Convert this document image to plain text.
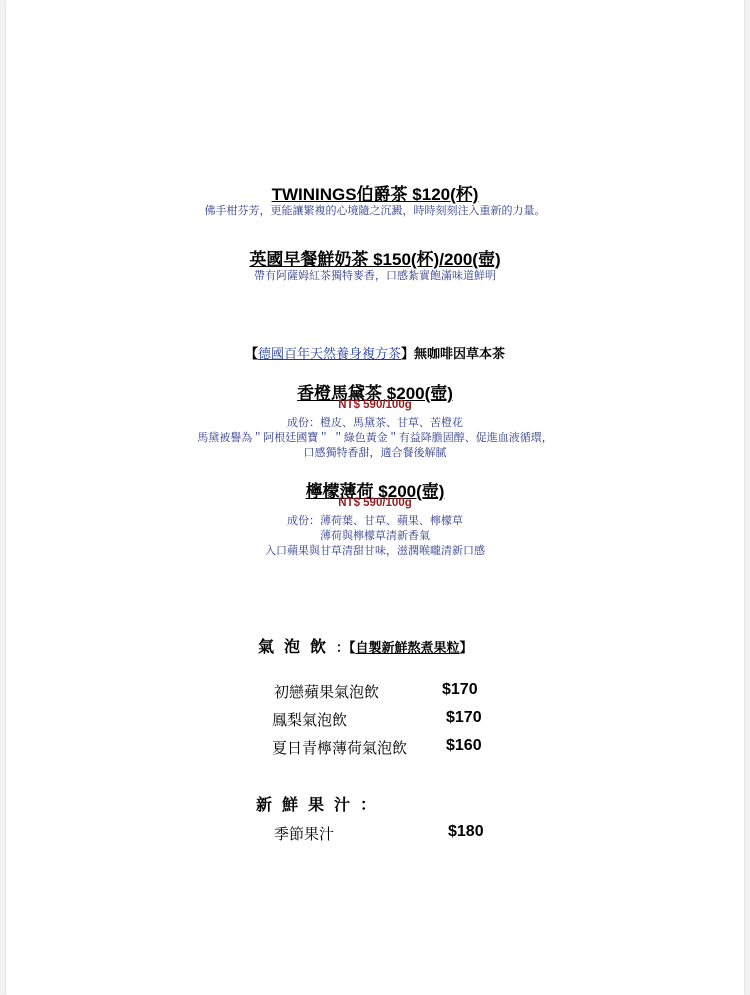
TWININGS伯爵茶 $120(杯)
佛手柑芬芳，更能讓繁複的心境隨之沉澱，時時刻刻注入重新的力量。
英國早餐鮮奶茶 $150(杯)/200(壺)
帶有阿薩姆紅茶獨特麥香，口感紮實飽滿味道鮮明
【德國百年天然養身複方茶】無咖啡因草本茶
香橙馬黛茶 $200(壺)
NT$ 590/100g
成份：橙皮、馬黛茶、甘草、苦橙花
馬黛被譽為＂阿根廷國寶＂ ＂綠色黃金＂有益降膽固醇、促進血液循環，
口感獨特香甜，適合餐後解膩
檸檬薄荷 $200(壺)
NT$ 590/100g
成份：薄荷葉、甘草、蘋果、檸檬草
薄荷與檸檬草清新香氣
入口蘋果與甘草清甜甘味，滋潤喉嚨清新口感
氣泡飲：【自製新鮮熬煮果粒】
初戀蘋果氣泡飲	$170
鳳梨氣泡飲	$170
夏日青檸薄荷氣泡飲 $160
新鮮果汁：
季節果汁	$180
